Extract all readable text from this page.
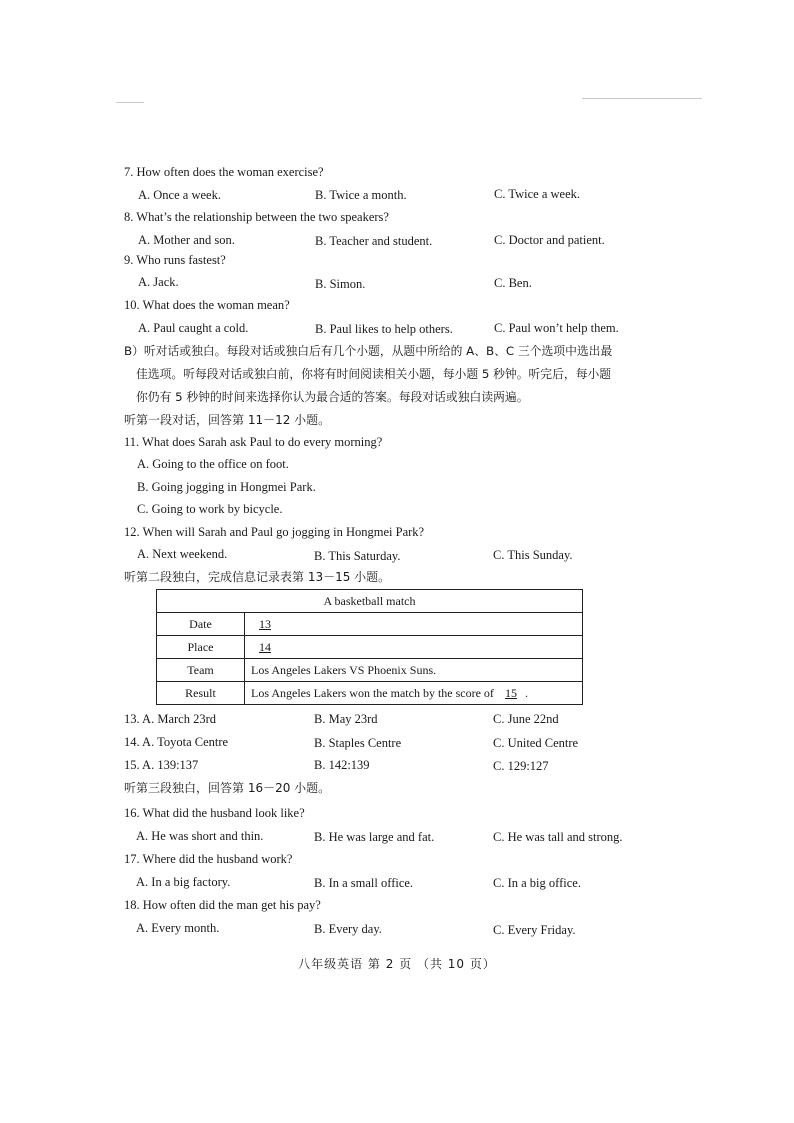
7. How often does the woman exercise?
A. Once a week.	B. Twice a month.	C. Twice a week.
8. What’s the relationship between the two speakers?
A. Mother and son.	B. Teacher and student.	C. Doctor and patient.
9. Who runs fastest?
A. Jack.	B. Simon.	C. Ben.
10. What does the woman mean?
A. Paul caught a cold.	B. Paul likes to help others.	C. Paul won’t help them.
B）听对话或独白。每段对话或独白后有几个小题，从题中所给的 A、B、C 三个选项中选出最
佳选项。听每段对话或独白前，你将有时间阅读相关小题，每小题 5 秒钟。听完后，每小题
你仍有 5 秒钟的时间来选择你认为最合适的答案。每段对话或独白读两遍。
听第一段对话，回答第 11－12 小题。
11. What does Sarah ask Paul to do every morning?
A. Going to the office on foot.
B. Going jogging in Hongmei Park.
C. Going to work by bicycle.
12. When will Sarah and Paul go jogging in Hongmei Park?
A. Next weekend.	B. This Saturday.	C. This Sunday.
听第二段独白，完成信息记录表第 13－15 小题。
A basketball match	
Date	13
Place	14
Team	Los Angeles Lakers VS Phoenix Suns.
Result	Los Angeles Lakers won the match by the score of 15 .
13. A. March 23rd	B. May 23rd	C. June 22nd
14. A. Toyota Centre	B. Staples Centre	C. United Centre
15. A. 139:137	B. 142:139	C. 129:127
听第三段独白，回答第 16－20 小题。
16. What did the husband look like?
A. He was short and thin.	B. He was large and fat.	C. He was tall and strong.
17. Where did the husband work?
A. In a big factory.	B. In a small office.	C. In a big office.
18. How often did the man get his pay?
A. Every month.	B. Every day.	C. Every Friday.
八年级英语 第 2 页 （共 10 页）
